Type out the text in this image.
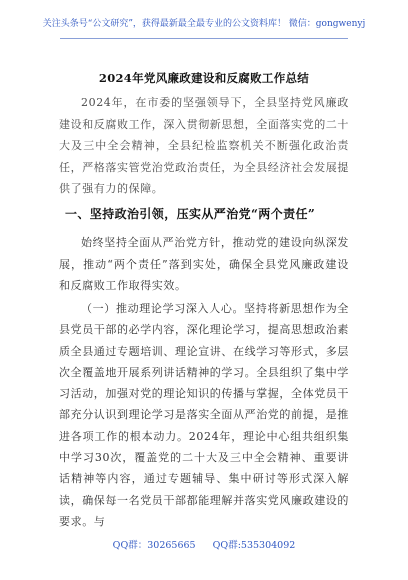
关注头条号“公文研究”，获得最新最全最专业的公文资料库！ 微信：gongwenyj
2024年党风廉政建设和反腐败工作总结

2024年，在市委的坚强领导下，全县坚持党风廉政建设和反腐败工作，深入贯彻新思想，全面落实党的二十大及三中全会精神，全县纪检监察机关不断强化政治责任，严格落实管党治党政治责任，为全县经济社会发展提供了强有力的保障。

一、坚持政治引领，压实从严治党“两个责任”

始终坚持全面从严治党方针，推动党的建设向纵深发展，推动“两个责任”落到实处，确保全县党风廉政建设和反腐败工作取得实效。

（一）推动理论学习深入人心。坚持将新思想作为全县党员干部的必学内容，深化理论学习，提高思想政治素质全县通过专题培训、理论宣讲、在线学习等形式，多层次全覆盖地开展系列讲话精神的学习。全县组织了集中学习活动，加强对党的理论知识的传播与掌握，全体党员干部充分认识到理论学习是落实全面从严治党的前提，是推进各项工作的根本动力。2024年，理论中心组共组织集中学习30次，覆盖党的二十大及三中全会精神、重要讲话精神等内容，通过专题辅导、集中研讨等形式深入解读，确保每一名党员干部都能理解并落实党风廉政建设的要求。与

QQ群：30265665 QQ群:535304092
